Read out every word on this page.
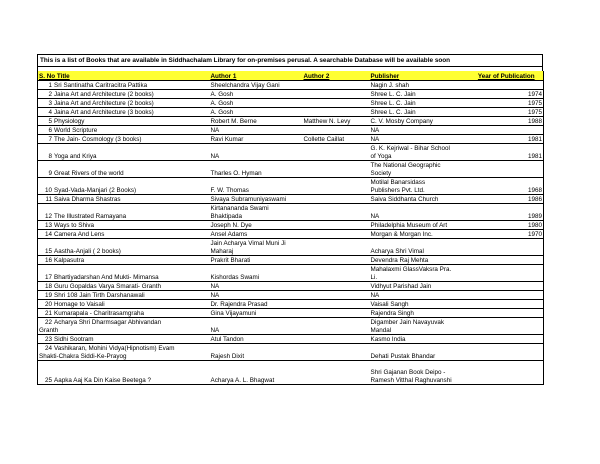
This is a list of Books that are available in Siddhachalam Library for on-premises perusal. A searchable Database will be available soon
S. No Title	Author 1	Author 2	Publisher	Year of Publication
1 Sri Santinatha Caritracitra Pattika	Sheelchandra Vijay Gani		Nagin J. shah	
2 Jaina Art and Architecture (2 books)	A. Gosh		Shree L. C. Jain	1974
3 Jaina Art and Architecture (2 books)	A. Gosh		Shree L. C. Jain	1975
4 Jaina Art and Architecture (3 books)	A. Gosh		Shree L. C. Jain	1975
5 Physiology	Robert M. Berne	Matthew N. Levy	C. V. Mosby Company	1988
6 World Scripture	NA		NA	
7 The Jain- Cosmology (3 books)	Ravi Kumar	Collette Caillat	NA	1981
8 Yoga and Kriya	NA		G. K. Kejriwal - Bihar School
of Yoga	1981
9 Great Rivers of the world	Tharles O. Hyman		The National Geographic
Society	
10 Syad-Vada-Manjari (2 Books)	F. W. Thomas		Motilal Banarsidass
Publishers Pvt. Ltd.	1968
11 Saiva Dharma Shastras	Sivaya Subramuniyaswami		Saiva Siddhanta Church	1986
12 The Illustrated Ramayana	Kirtanananda Swami
Bhaktipada		NA	1989
13 Ways to Shiva	Joseph N. Dye		Philadelphia Museum of Art	1980
14 Camera And Lens	Ansel Adams		Morgan & Morgan Inc.	1970
15 Aastha-Anjali ( 2 books)	Jain Acharya Vimal Muni Ji
Maharaj		Acharya Shri Vimal	
16 Kalpasutra	Prakrit Bharati		Devendra Raj Mehta	
17 Bhartiyadarshan And Mukti- Mimansa	Kishordas Swami		Mahalaxmi GlassVaksra Pra.
Li.	
18 Guru Gopaldas Varya Smarati- Granth	NA		Vidhyut Parishad Jain	
19 Shri 108 Jain Tirth Darshanawali	NA		NA	
20 Homage to Vaisali	Dr. Rajendra Prasad		Vaisali Sangh	
21 Kumarapala - Charitrasamgraha	Gina Vijayamuni		Rajendra Singh	
22 Acharya Shri Dharmsagar Abhivandan
Granth	NA		Digamber Jain Navayuvak
Mandal	
23 Sidhi Sootram	Atul Tandon		Kasmo India	
24 Vashikaran, Mohini Vidya(Hipnotism) Evam
Shakti-Chakra Siddi-Ke-Prayog	Rajesh Dixit		Dehati Pustak Bhandar	
25 Aapka Aaj Ka Din Kaise Beetega ?	Acharya A. L. Bhagwat		Shri Gajanan Book Deipo -
Ramesh Vitthal Raghuvanshi	
